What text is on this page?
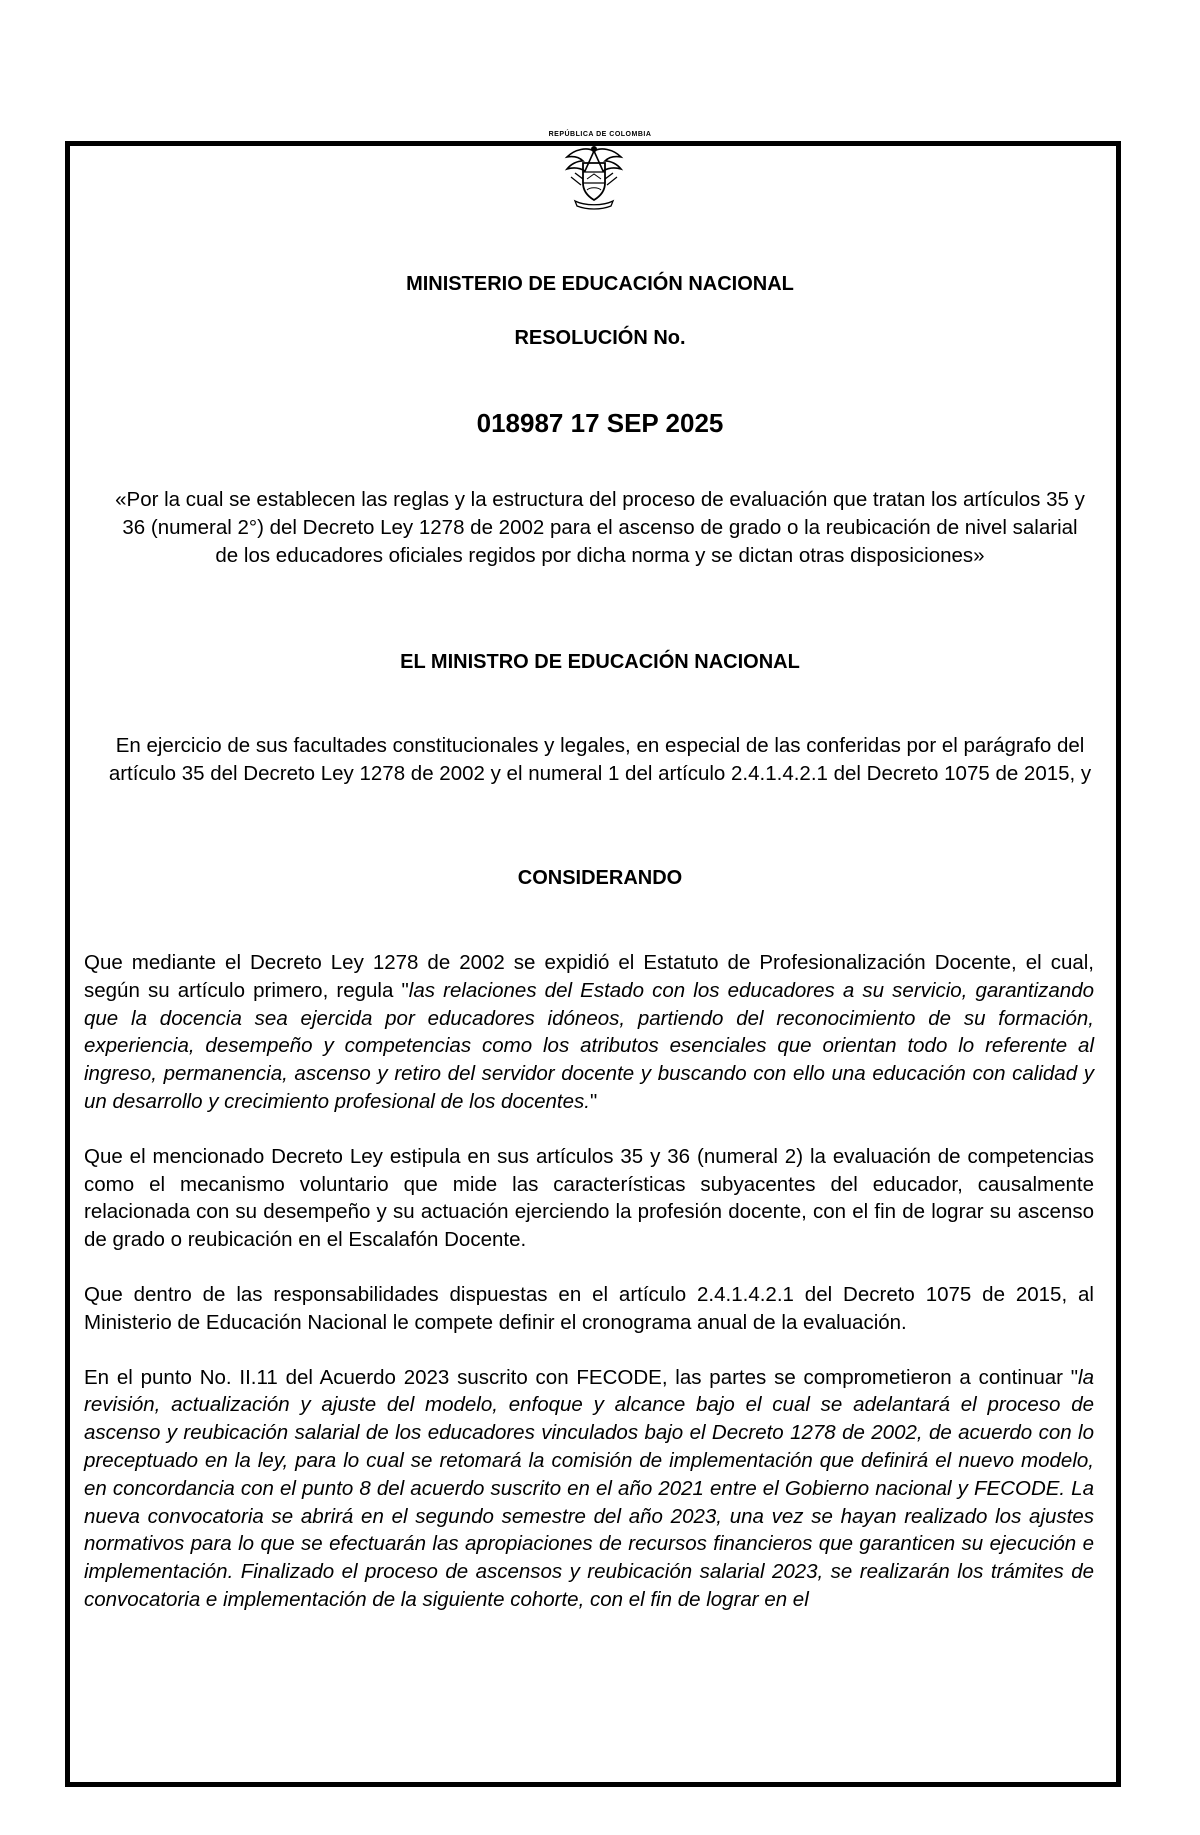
REPÚBLICA DE COLOMBIA
MINISTERIO DE EDUCACIÓN NACIONAL
RESOLUCIÓN No.
018987 17 SEP 2025
«Por la cual se establecen las reglas y la estructura del proceso de evaluación que tratan los artículos 35 y 36 (numeral 2°) del Decreto Ley 1278 de 2002 para el ascenso de grado o la reubicación de nivel salarial de los educadores oficiales regidos por dicha norma y se dictan otras disposiciones»
EL MINISTRO DE EDUCACIÓN NACIONAL
En ejercicio de sus facultades constitucionales y legales, en especial de las conferidas por el parágrafo del artículo 35 del Decreto Ley 1278 de 2002 y el numeral 1 del artículo 2.4.1.4.2.1 del Decreto 1075 de 2015, y
CONSIDERANDO

Que mediante el Decreto Ley 1278 de 2002 se expidió el Estatuto de Profesionalización Docente, el cual, según su artículo primero, regula "las relaciones del Estado con los educadores a su servicio, garantizando que la docencia sea ejercida por educadores idóneos, partiendo del reconocimiento de su formación, experiencia, desempeño y competencias como los atributos esenciales que orientan todo lo referente al ingreso, permanencia, ascenso y retiro del servidor docente y buscando con ello una educación con calidad y un desarrollo y crecimiento profesional de los docentes."

Que el mencionado Decreto Ley estipula en sus artículos 35 y 36 (numeral 2) la evaluación de competencias como el mecanismo voluntario que mide las características subyacentes del educador, causalmente relacionada con su desempeño y su actuación ejerciendo la profesión docente, con el fin de lograr su ascenso de grado o reubicación en el Escalafón Docente.

Que dentro de las responsabilidades dispuestas en el artículo 2.4.1.4.2.1 del Decreto 1075 de 2015, al Ministerio de Educación Nacional le compete definir el cronograma anual de la evaluación.

En el punto No. II.11 del Acuerdo 2023 suscrito con FECODE, las partes se comprometieron a continuar "la revisión, actualización y ajuste del modelo, enfoque y alcance bajo el cual se adelantará el proceso de ascenso y reubicación salarial de los educadores vinculados bajo el Decreto 1278 de 2002, de acuerdo con lo preceptuado en la ley, para lo cual se retomará la comisión de implementación que definirá el nuevo modelo, en concordancia con el punto 8 del acuerdo suscrito en el año 2021 entre el Gobierno nacional y FECODE. La nueva convocatoria se abrirá en el segundo semestre del año 2023, una vez se hayan realizado los ajustes normativos para lo que se efectuarán las apropiaciones de recursos financieros que garanticen su ejecución e implementación. Finalizado el proceso de ascensos y reubicación salarial 2023, se realizarán los trámites de convocatoria e implementación de la siguiente cohorte, con el fin de lograr en el
